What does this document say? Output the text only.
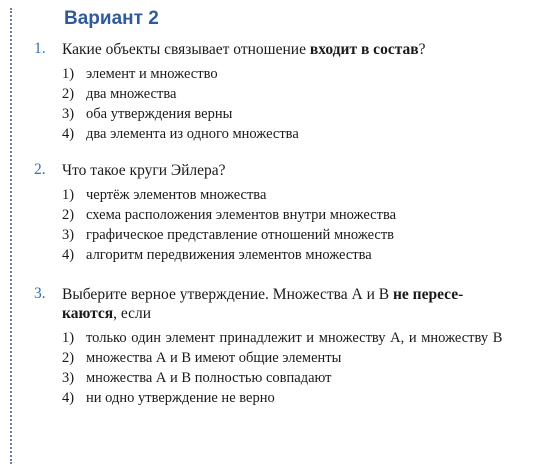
Вариант 2
1. Какие объекты связывает отношение входит в состав?
1) элемент и множество
2) два множества
3) оба утверждения верны
4) два элемента из одного множества
2. Что такое круги Эйлера?
1) чертёж элементов множества
2) схема расположения элементов внутри множества
3) графическое представление отношений множеств
4) алгоритм передвижения элементов множества
3. Выберите верное утверждение. Множества А и В не пересе-
каются, если
1) только один элемент принадлежит и множеству А, и множеству В
2) множества А и В имеют общие элементы
3) множества А и В полностью совпадают
4) ни одно утверждение не верно
